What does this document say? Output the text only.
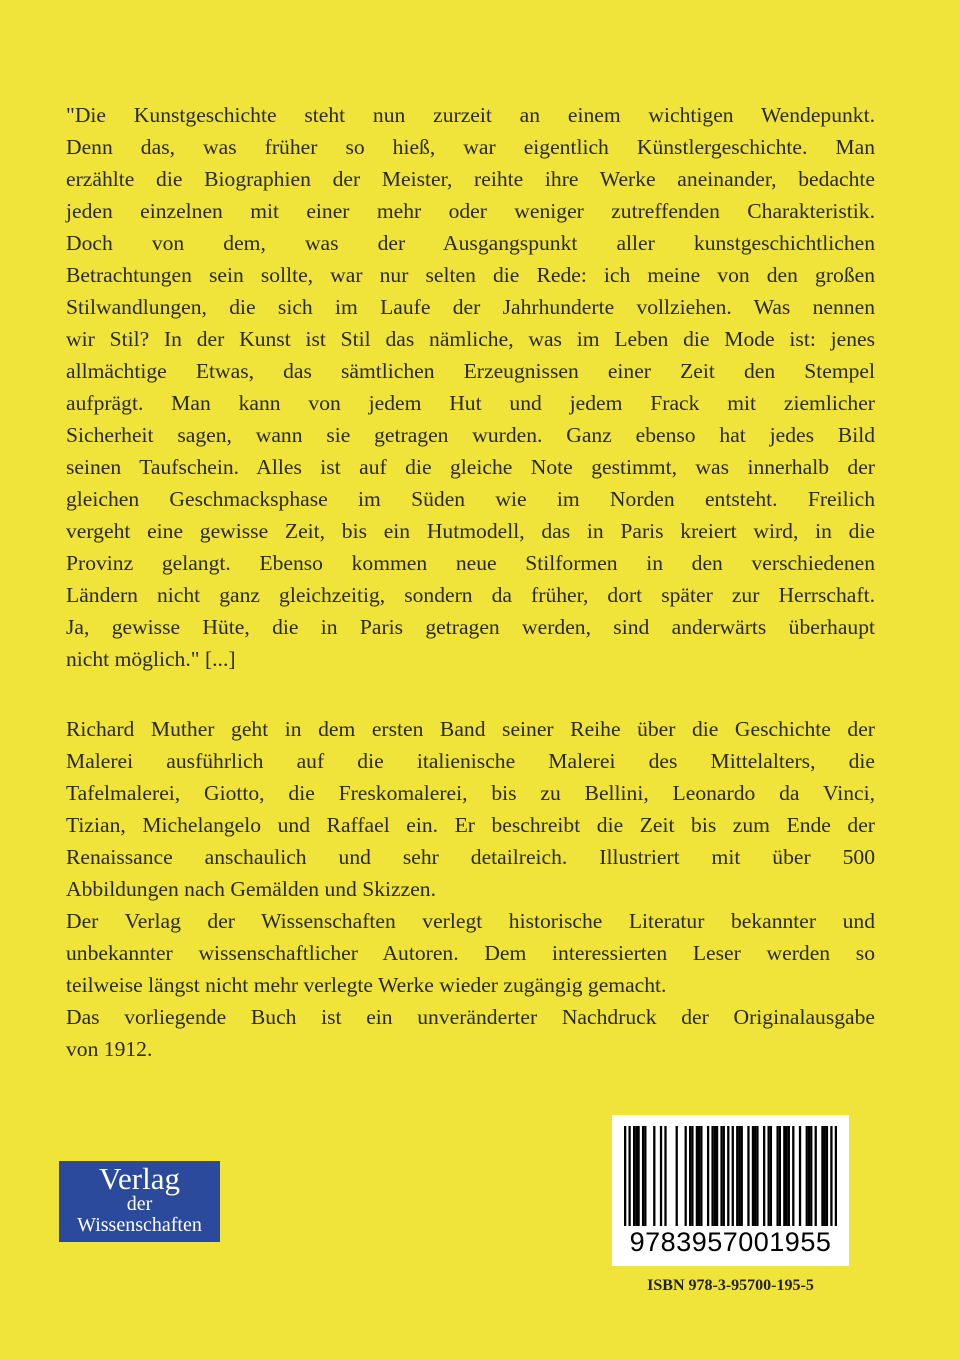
"Die Kunstgeschichte steht nun zurzeit an einem wichtigen Wendepunkt.

Denn das, was früher so hieß, war eigentlich Künstlergeschichte. Man

erzählte die Biographien der Meister, reihte ihre Werke aneinander, bedachte

jeden einzelnen mit einer mehr oder weniger zutreffenden Charakteristik.

Doch von dem, was der Ausgangspunkt aller kunstgeschichtlichen

Betrachtungen sein sollte, war nur selten die Rede: ich meine von den großen

Stilwandlungen, die sich im Laufe der Jahrhunderte vollziehen. Was nennen

wir Stil? In der Kunst ist Stil das nämliche, was im Leben die Mode ist: jenes

allmächtige Etwas, das sämtlichen Erzeugnissen einer Zeit den Stempel

aufprägt. Man kann von jedem Hut und jedem Frack mit ziemlicher

Sicherheit sagen, wann sie getragen wurden. Ganz ebenso hat jedes Bild

seinen Taufschein. Alles ist auf die gleiche Note gestimmt, was innerhalb der

gleichen Geschmacksphase im Süden wie im Norden entsteht. Freilich

vergeht eine gewisse Zeit, bis ein Hutmodell, das in Paris kreiert wird, in die

Provinz gelangt. Ebenso kommen neue Stilformen in den verschiedenen

Ländern nicht ganz gleichzeitig, sondern da früher, dort später zur Herrschaft.

Ja, gewisse Hüte, die in Paris getragen werden, sind anderwärts überhaupt

nicht möglich." [...]

Richard Muther geht in dem ersten Band seiner Reihe über die Geschichte der

Malerei ausführlich auf die italienische Malerei des Mittelalters, die

Tafelmalerei, Giotto, die Freskomalerei, bis zu Bellini, Leonardo da Vinci,

Tizian, Michelangelo und Raffael ein. Er beschreibt die Zeit bis zum Ende der

Renaissance anschaulich und sehr detailreich. Illustriert mit über 500

Abbildungen nach Gemälden und Skizzen.

Der Verlag der Wissenschaften verlegt historische Literatur bekannter und

unbekannter wissenschaftlicher Autoren. Dem interessierten Leser werden so

teilweise längst nicht mehr verlegte Werke wieder zugängig gemacht.

Das vorliegende Buch ist ein unveränderter Nachdruck der Originalausgabe

von 1912.

Verlag
der
Wissenschaften
9783957001955
ISBN 978-3-95700-195-5
